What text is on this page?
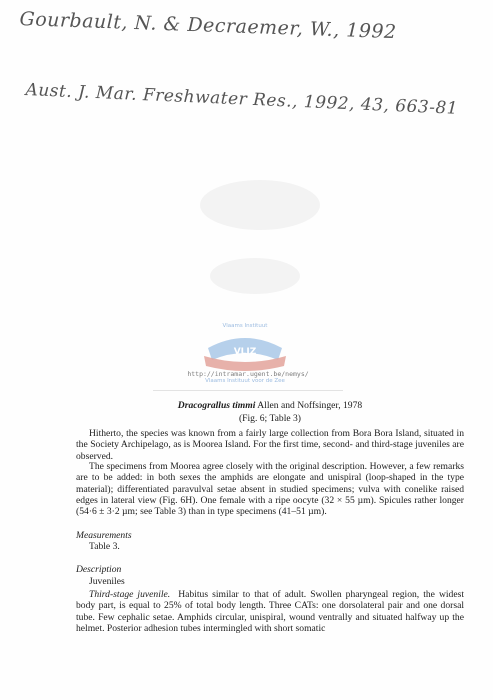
Gourbault, N. & Decraemer, W., 1992
Aust. J. Mar. Freshwater Res., 1992, 43, 663-81
Vlaams Instituut
VLIZ
Vlaams Instituut voor de Zee
http://intramar.ugent.be/nemys/
Dracograllus timmi Allen and Noffsinger, 1978
(Fig. 6; Table 3)

Hitherto, the species was known from a fairly large collection from Bora Bora Island, situated in the Society Archipelago, as is Moorea Island. For the first time, second- and third-stage juveniles are observed.

The specimens from Moorea agree closely with the original description. However, a few remarks are to be added: in both sexes the amphids are elongate and unispiral (loop-shaped in the type material); differentiated paravulval setae absent in studied specimens; vulva with conelike raised edges in lateral view (Fig. 6H). One female with a ripe oocyte (32 × 55 µm). Spicules rather longer (54·6 ± 3·2 µm; see Table 3) than in type specimens (41–51 µm).

Measurements
Table 3.
Description
Juveniles

Third-stage juvenile. Habitus similar to that of adult. Swollen pharyngeal region, the widest body part, is equal to 25% of total body length. Three CATs: one dorsolateral pair and one dorsal tube. Few cephalic setae. Amphids circular, unispiral, wound ventrally and situated halfway up the helmet. Posterior adhesion tubes intermingled with short somatic
